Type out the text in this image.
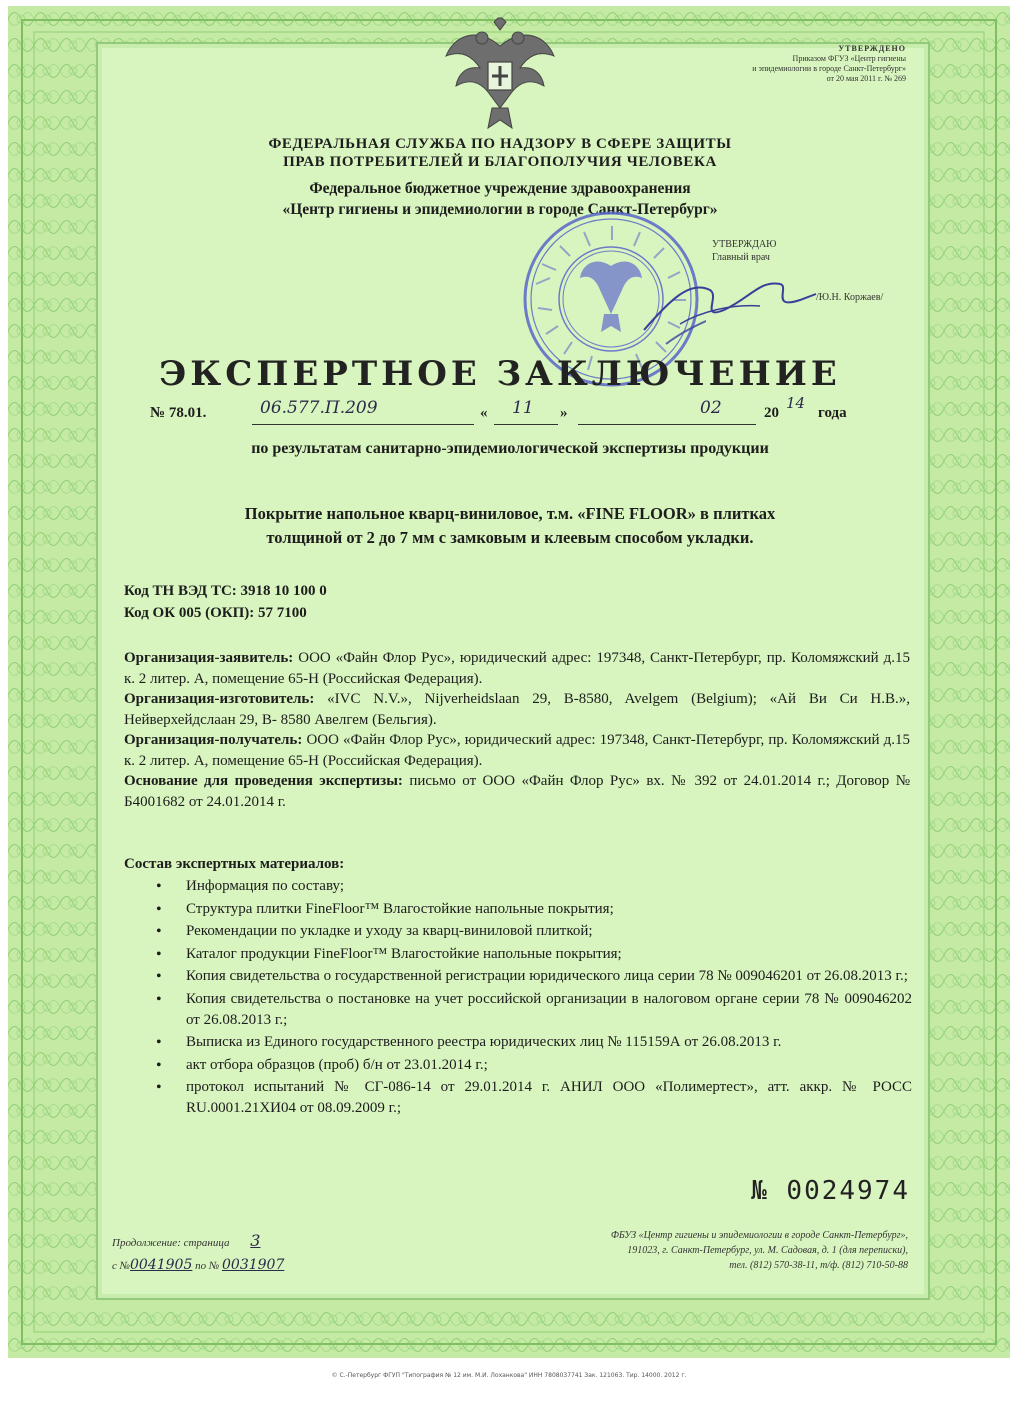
УТВЕРЖДЕНО
Приказом ФГУЗ «Центр гигиены
и эпидемиологии в городе Санкт-Петербург»
от 20 мая 2011 г. № 269
ФЕДЕРАЛЬНАЯ СЛУЖБА ПО НАДЗОРУ В СФЕРЕ ЗАЩИТЫ
ПРАВ ПОТРЕБИТЕЛЕЙ И БЛАГОПОЛУЧИЯ ЧЕЛОВЕКА
Федеральное бюджетное учреждение здравоохранения
«Центр гигиены и эпидемиологии в городе Санкт-Петербург»
УТВЕРЖДАЮ
Главный врач
/Ю.Н. Коржаев/
ЭКСПЕРТНОЕ ЗАКЛЮЧЕНИЕ
№ 78.01.	06.577.П.209	« 11 »	02	20
14
года
по результатам санитарно-эпидемиологической экспертизы продукции
Покрытие напольное кварц-виниловое, т.м. «FINE FLOOR» в плитках
толщиной от 2 до 7 мм с замковым и клеевым способом укладки.
Код ТН ВЭД ТС: 3918 10 100 0
Код ОК 005 (ОКП): 57 7100

Организация-заявитель: ООО «Файн Флор Рус», юридический адрес: 197348, Санкт-Петербург, пр. Коломяжский д.15 к. 2 литер. А, помещение 65-Н (Российская Федерация).

Организация-изготовитель: «IVC N.V.», Nijverheidslaan 29, B-8580, Avelgem (Belgium); «Ай Ви Си Н.В.», Нейверхейдслаан 29, В- 8580 Авелгем (Бельгия).

Организация-получатель: ООО «Файн Флор Рус», юридический адрес: 197348, Санкт-Петербург, пр. Коломяжский д.15 к. 2 литер. А, помещение 65-Н (Российская Федерация).

Основание для проведения экспертизы: письмо от ООО «Файн Флор Рус» вх. № 392 от 24.01.2014 г.; Договор № Б4001682 от 24.01.2014 г.

Состав экспертных материалов:
• Информация по составу;
• Структура плитки FineFloor™ Влагостойкие напольные покрытия;
• Рекомендации по укладке и уходу за кварц-виниловой плиткой;
• Каталог продукции FineFloor™ Влагостойкие напольные покрытия;
• Копия свидетельства о государственной регистрации юридического лица серии 78 № 009046201 от 26.08.2013 г.;
• Копия свидетельства о постановке на учет российской организации в налоговом органе серии 78 № 009046202 от 26.08.2013 г.;
• Выписка из Единого государственного реестра юридических лиц № 115159А от 26.08.2013 г.
• акт отбора образцов (проб) б/н от 23.01.2014 г.;
• протокол испытаний № СГ-086-14 от 29.01.2014 г. АНИЛ ООО «Полимертест», атт. аккр. № РОСС RU.0001.21ХИ04 от 08.09.2009 г.;
№ 0024974
Продолжение: страница 3
с №0041905 по № 0031907
ФБУЗ «Центр гигиены и эпидемиологии в городе Санкт-Петербург»,
191023, г. Санкт-Петербург, ул. М. Садовая, д. 1 (для переписки),
тел. (812) 570-38-11, т/ф. (812) 710-50-88
© С.-Петербург ФГУП "Типография № 12 им. М.И. Лоханкова" ИНН 7808037741 Зак. 121063. Тир. 14000. 2012 г.
